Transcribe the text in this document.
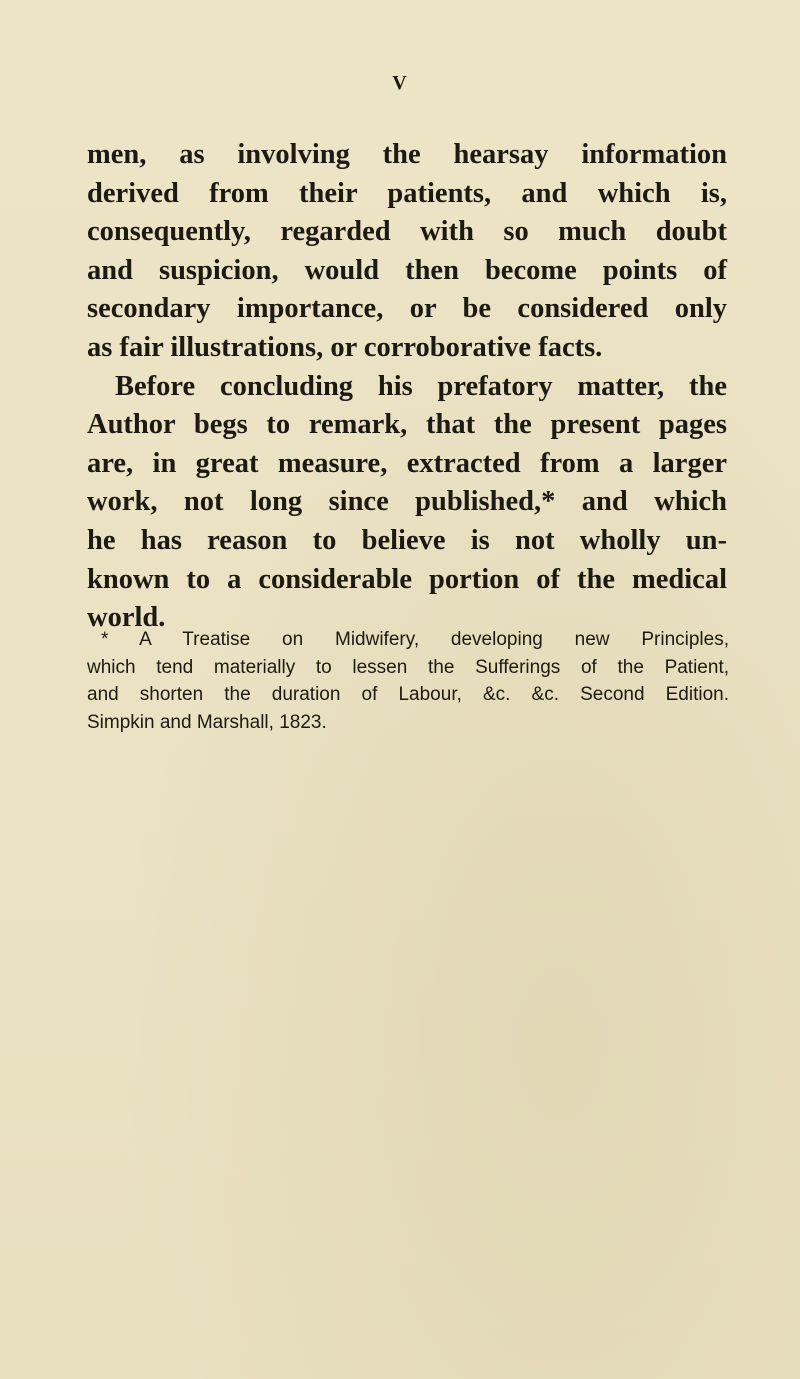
V
men, as involving the hearsay information
derived from their patients, and which is,
consequently, regarded with so much doubt
and suspicion, would then become points of
secondary importance, or be considered only
as fair illustrations, or corroborative facts.
Before concluding his prefatory matter, the
Author begs to remark, that the present pages
are, in great measure, extracted from a larger
work, not long since published,* and which
he has reason to believe is not wholly un-
known to a considerable portion of the medical
world.
* A Treatise on Midwifery, developing new Principles,
which tend materially to lessen the Sufferings of the Patient,
and shorten the duration of Labour, &c. &c. Second Edition.
Simpkin and Marshall, 1823.
